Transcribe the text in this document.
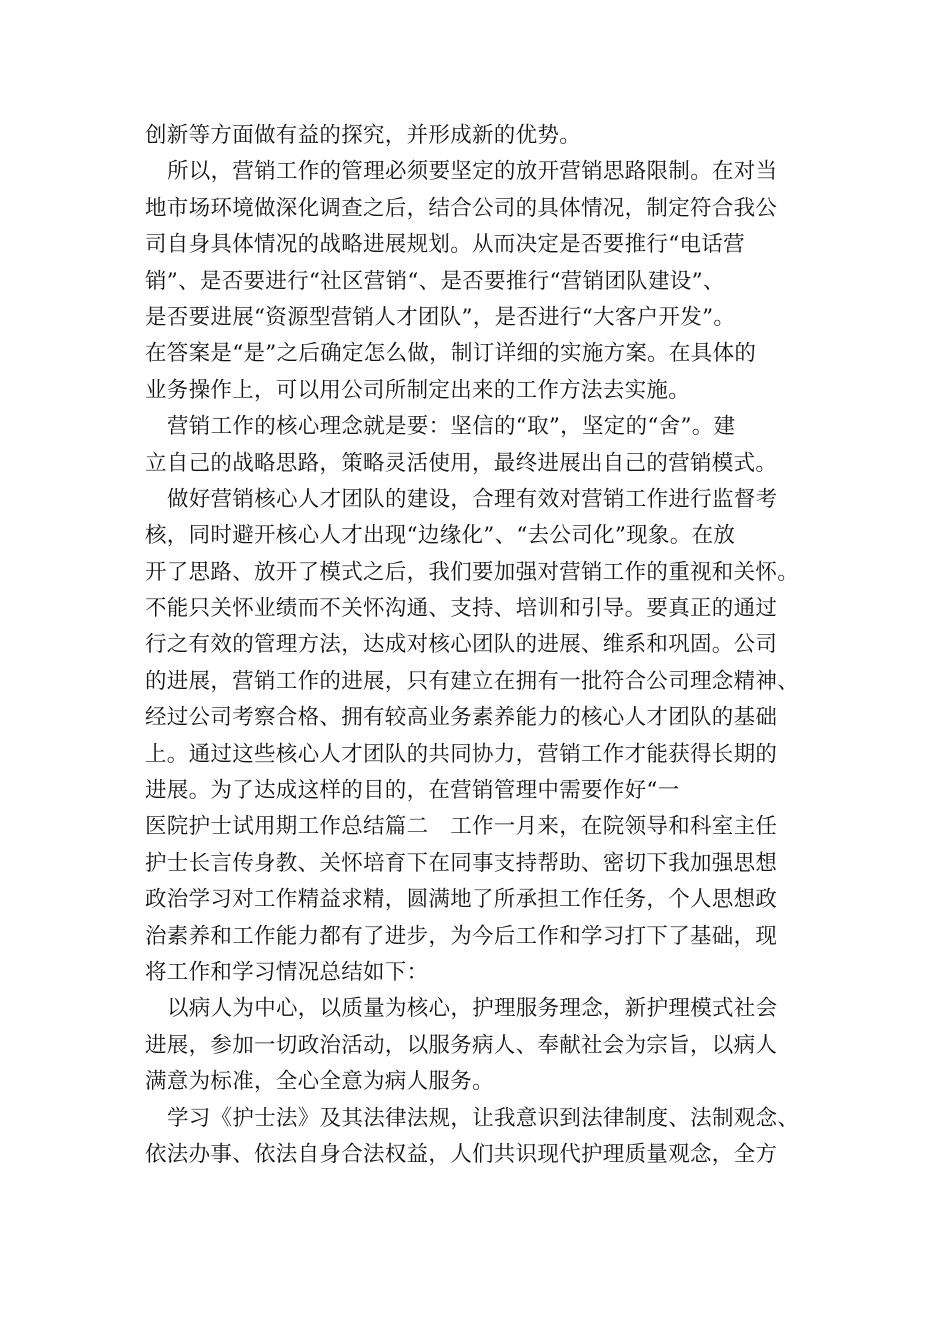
创新等方面做有益的探究，并形成新的优势。
所以，营销工作的管理必须要坚定的放开营销思路限制。在对当
地市场环境做深化调查之后，结合公司的具体情况，制定符合我公
司自身具体情况的战略进展规划。从而决定是否要推行“电话营
销”、是否要进行“社区营销“、是否要推行“营销团队建设”、
是否要进展“资源型营销人才团队”，是否进行“大客户开发”。
在答案是“是”之后确定怎么做，制订详细的实施方案。在具体的
业务操作上，可以用公司所制定出来的工作方法去实施。
营销工作的核心理念就是要：坚信的“取”，坚定的“舍”。建
立自己的战略思路，策略灵活使用，最终进展出自己的营销模式。
做好营销核心人才团队的建设，合理有效对营销工作进行监督考
核，同时避开核心人才出现“边缘化”、“去公司化”现象。在放
开了思路、放开了模式之后，我们要加强对营销工作的重视和关怀。
不能只关怀业绩而不关怀沟通、支持、培训和引导。要真正的通过
行之有效的管理方法，达成对核心团队的进展、维系和巩固。公司
的进展，营销工作的进展，只有建立在拥有一批符合公司理念精神、
经过公司考察合格、拥有较高业务素养能力的核心人才团队的基础
上。通过这些核心人才团队的共同协力，营销工作才能获得长期的
进展。为了达成这样的目的，在营销管理中需要作好“一
医院护士试用期工作总结篇二　工作一月来，在院领导和科室主任
护士长言传身教、关怀培育下在同事支持帮助、密切下我加强思想
政治学习对工作精益求精，圆满地了所承担工作任务，个人思想政
治素养和工作能力都有了进步，为今后工作和学习打下了基础，现
将工作和学习情况总结如下：
以病人为中心，以质量为核心，护理服务理念，新护理模式社会
进展，参加一切政治活动，以服务病人、奉献社会为宗旨，以病人
满意为标准，全心全意为病人服务。
学习《护士法》及其法律法规，让我意识到法律制度、法制观念、
依法办事、依法自身合法权益，人们共识现代护理质量观念，全方
